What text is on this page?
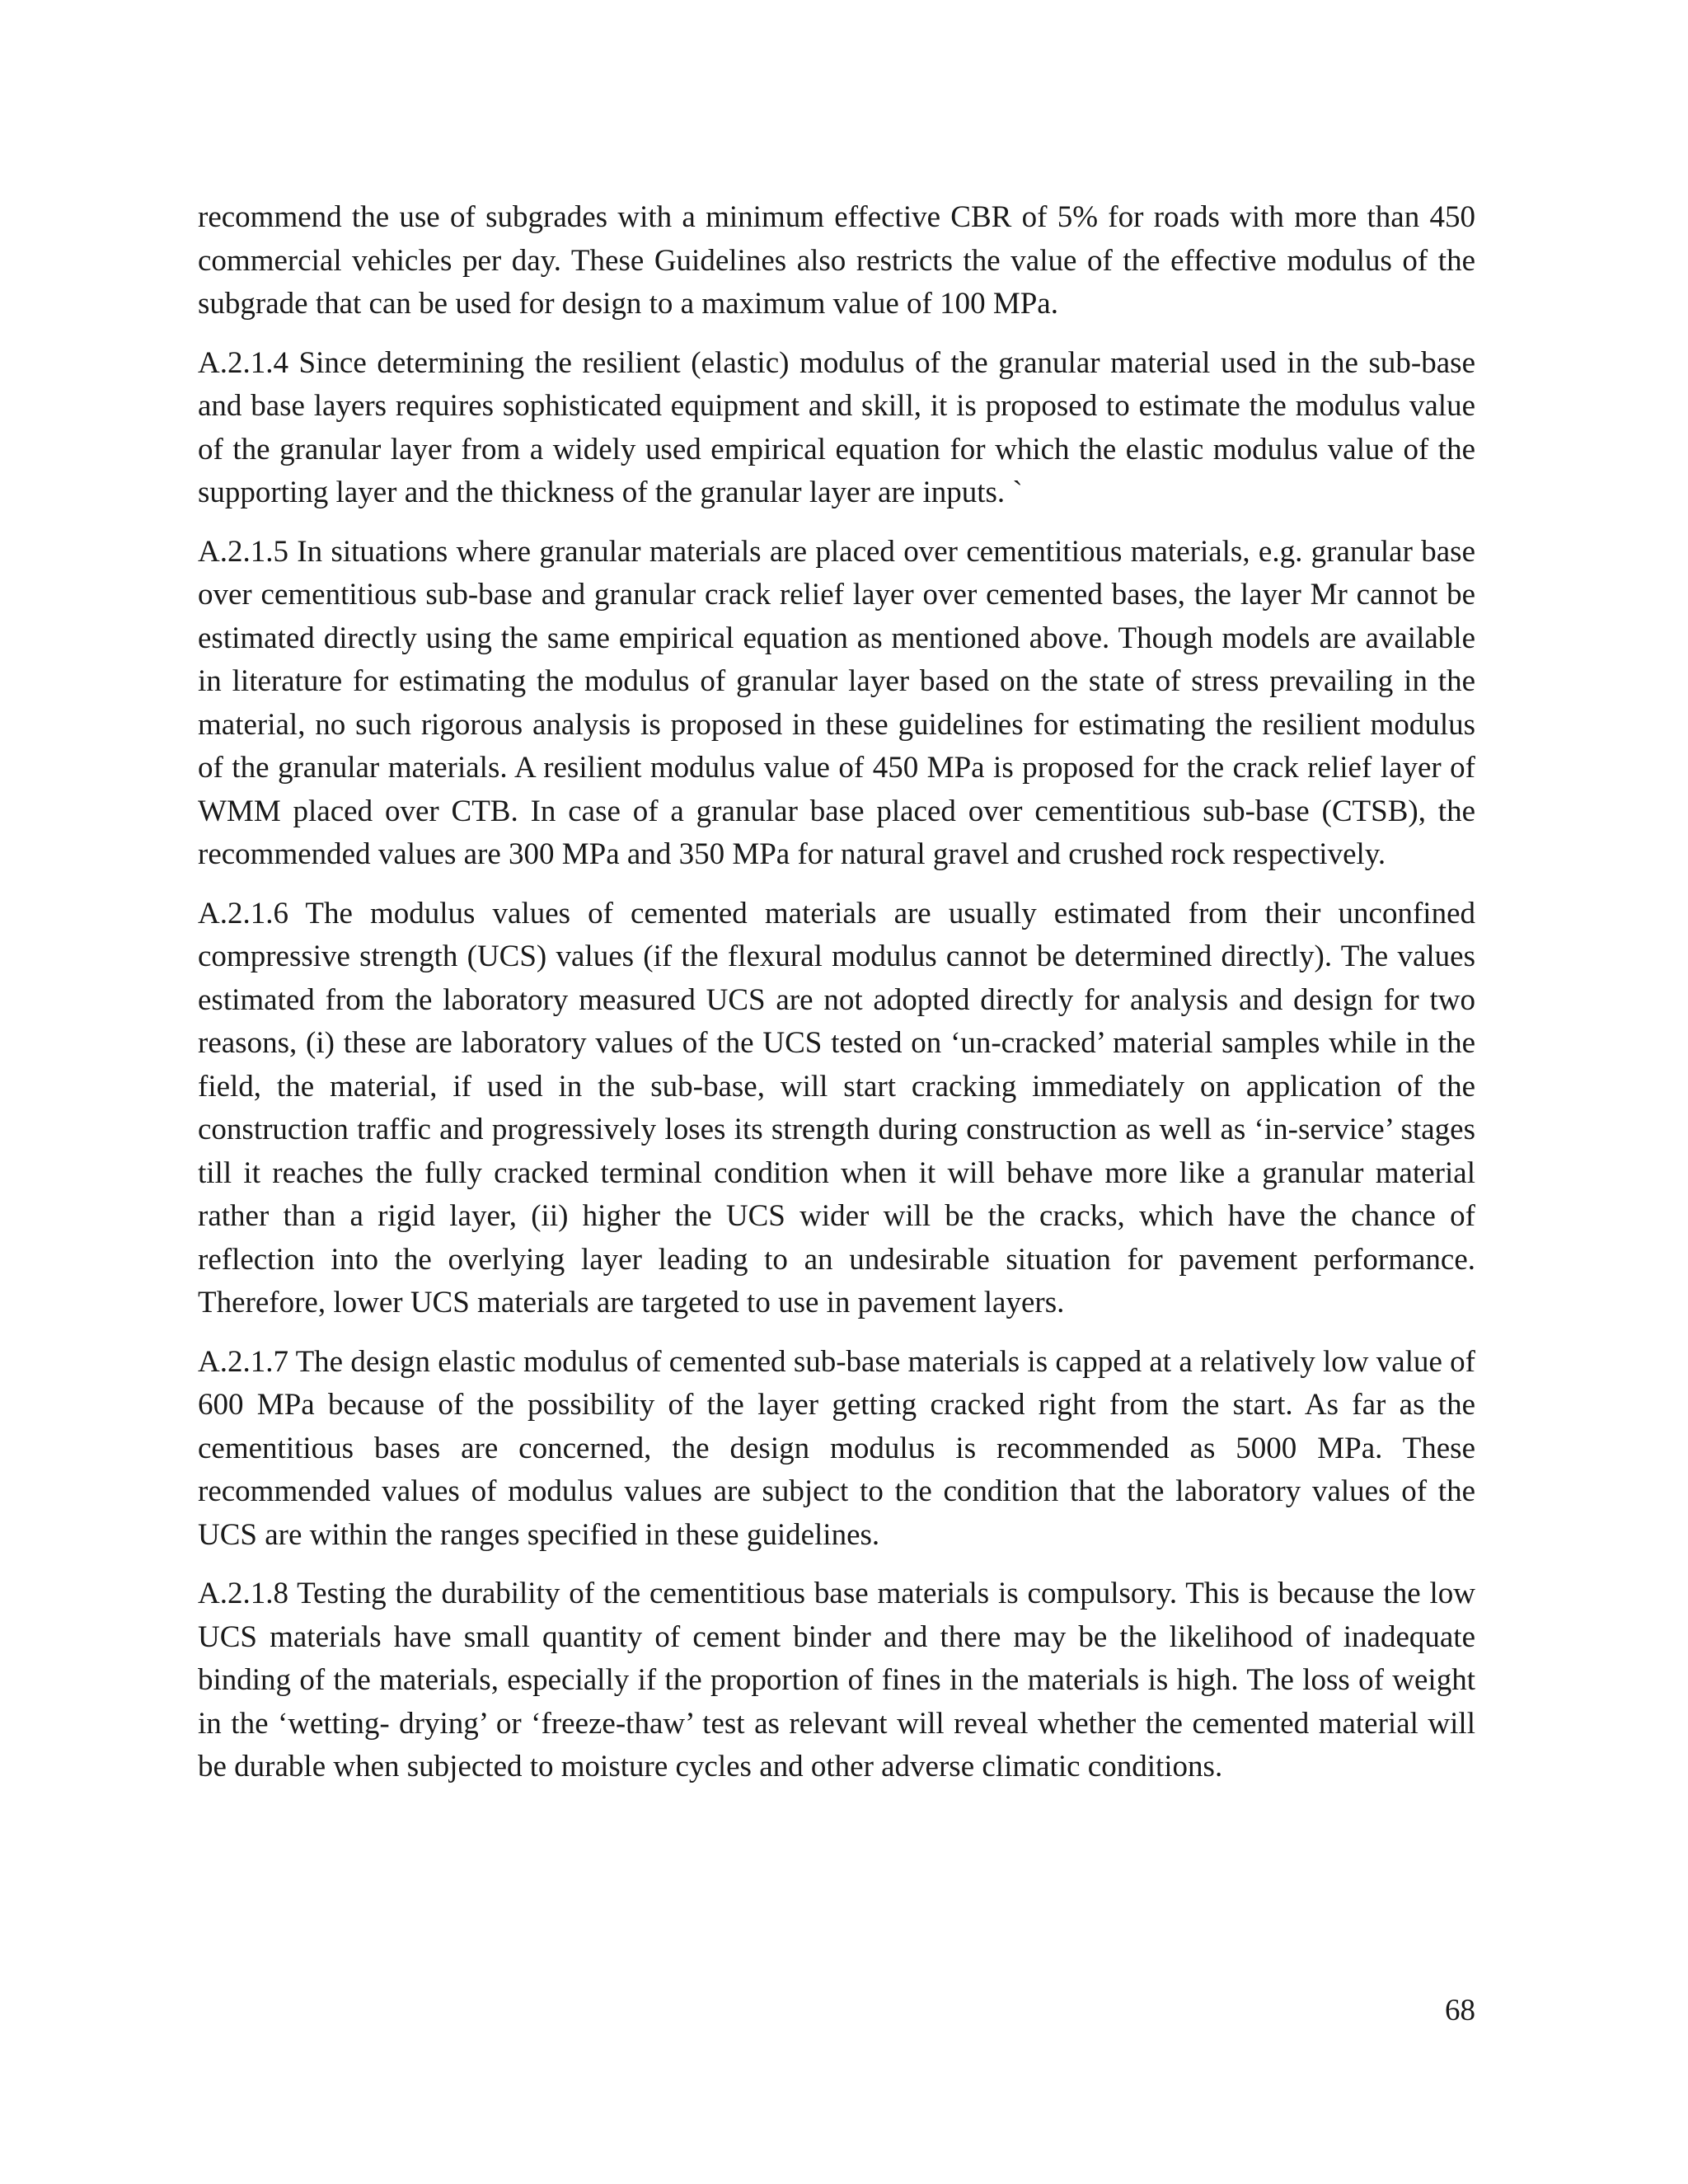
recommend the use of subgrades with a minimum effective CBR of 5% for roads with more than 450 commercial vehicles per day. These Guidelines also restricts the value of the effective modulus of the subgrade that can be used for design to a maximum value of 100 MPa.

A.2.1.4 Since determining the resilient (elastic) modulus of the granular material used in the sub-base and base layers requires sophisticated equipment and skill, it is proposed to estimate the modulus value of the granular layer from a widely used empirical equation for which the elastic modulus value of the supporting layer and the thickness of the granular layer are inputs. `

A.2.1.5 In situations where granular materials are placed over cementitious materials, e.g. granular base over cementitious sub-base and granular crack relief layer over cemented bases, the layer Mr cannot be estimated directly using the same empirical equation as mentioned above. Though models are available in literature for estimating the modulus of granular layer based on the state of stress prevailing in the material, no such rigorous analysis is proposed in these guidelines for estimating the resilient modulus of the granular materials. A resilient modulus value of 450 MPa is proposed for the crack relief layer of WMM placed over CTB. In case of a granular base placed over cementitious sub-base (CTSB), the recommended values are 300 MPa and 350 MPa for natural gravel and crushed rock respectively.

A.2.1.6 The modulus values of cemented materials are usually estimated from their unconfined compressive strength (UCS) values (if the flexural modulus cannot be determined directly). The values estimated from the laboratory measured UCS are not adopted directly for analysis and design for two reasons, (i) these are laboratory values of the UCS tested on ‘un-cracked’ material samples while in the field, the material, if used in the sub-base, will start cracking immediately on application of the construction traffic and progressively loses its strength during construction as well as ‘in-service’ stages till it reaches the fully cracked terminal condition when it will behave more like a granular material rather than a rigid layer, (ii) higher the UCS wider will be the cracks, which have the chance of reflection into the overlying layer leading to an undesirable situation for pavement performance. Therefore, lower UCS materials are targeted to use in pavement layers.

A.2.1.7 The design elastic modulus of cemented sub-base materials is capped at a relatively low value of 600 MPa because of the possibility of the layer getting cracked right from the start. As far as the cementitious bases are concerned, the design modulus is recommended as 5000 MPa. These recommended values of modulus values are subject to the condition that the laboratory values of the UCS are within the ranges specified in these guidelines.

A.2.1.8 Testing the durability of the cementitious base materials is compulsory. This is because the low UCS materials have small quantity of cement binder and there may be the likelihood of inadequate binding of the materials, especially if the proportion of fines in the materials is high. The loss of weight in the ‘wetting- drying’ or ‘freeze-thaw’ test as relevant will reveal whether the cemented material will be durable when subjected to moisture cycles and other adverse climatic conditions.

68
